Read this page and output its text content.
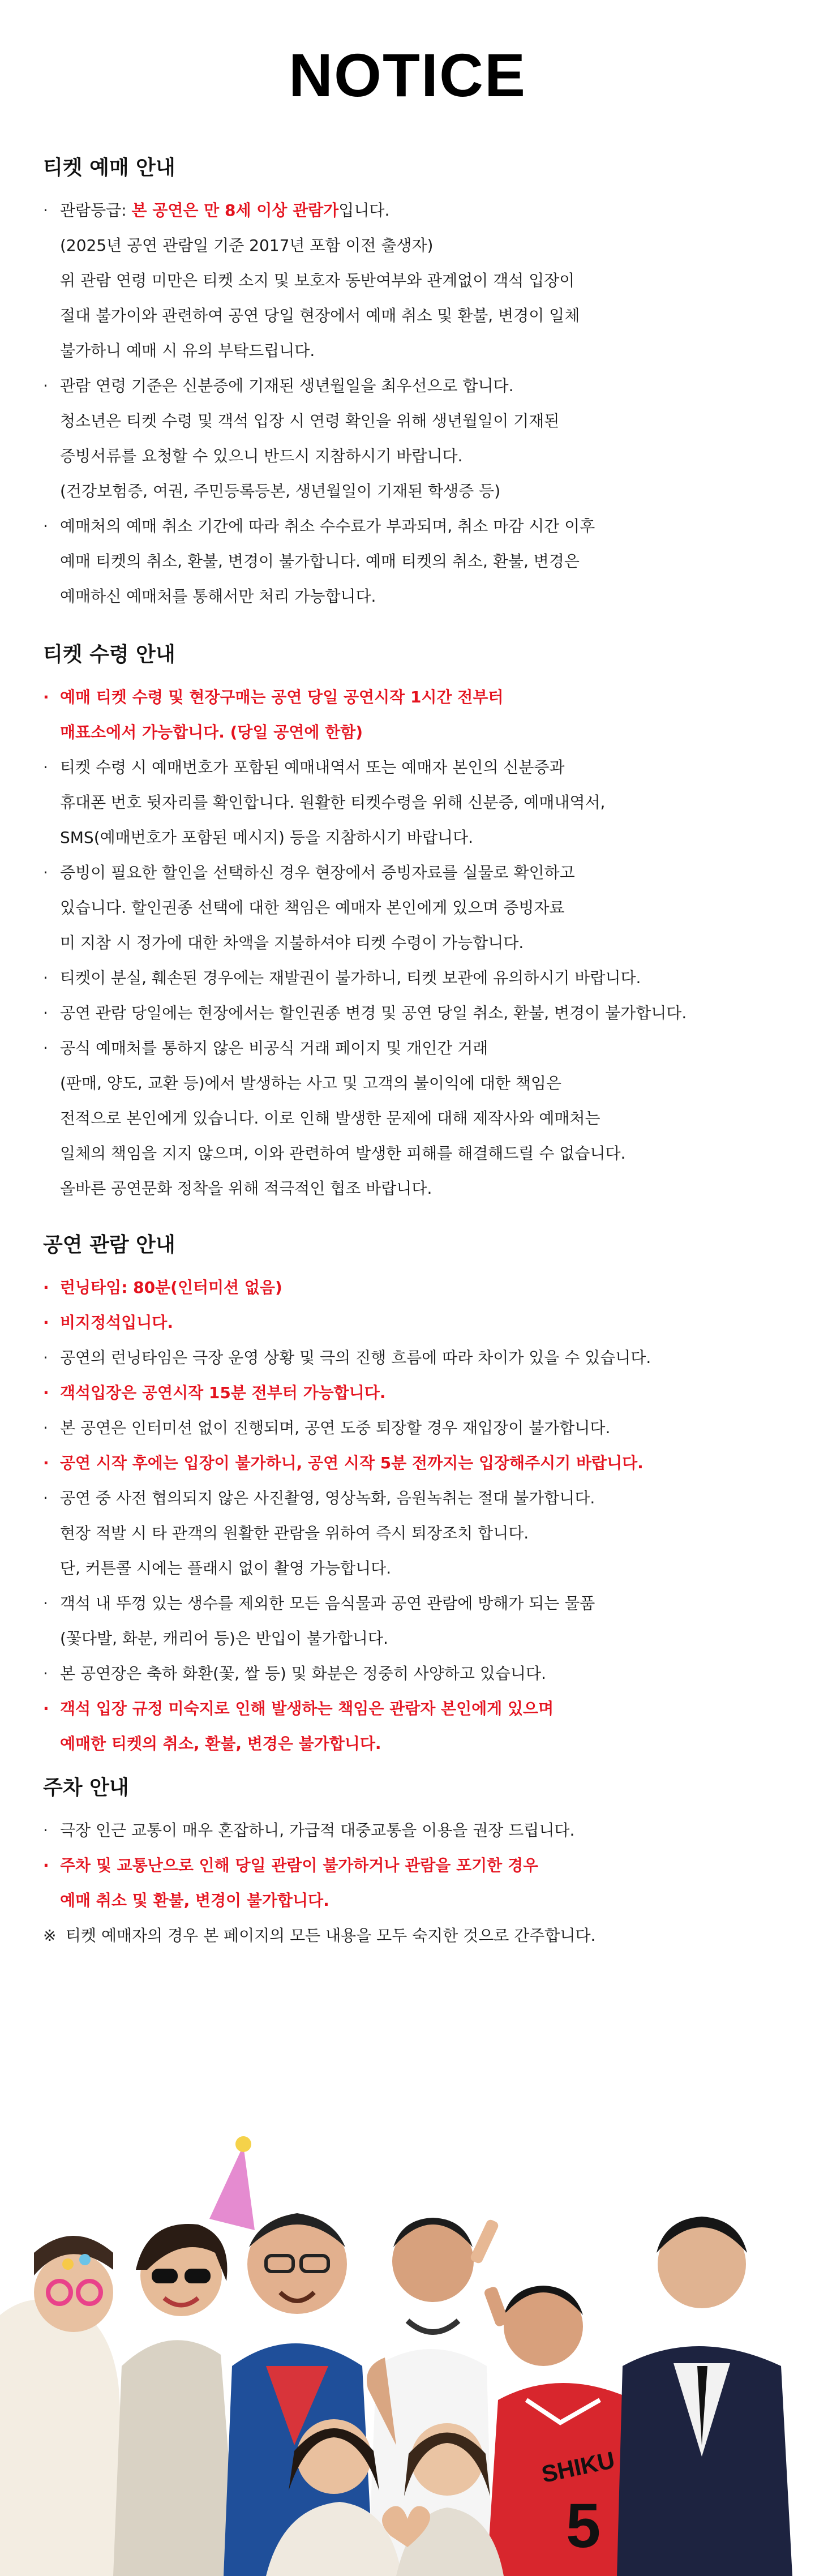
NOTICE
티켓 예매 안내
· 관람등급: 본 공연은 만 8세 이상 관람가입니다.
(2025년 공연 관람일 기준 2017년 포함 이전 출생자)
위 관람 연령 미만은 티켓 소지 및 보호자 동반여부와 관계없이 객석 입장이
절대 불가이와 관련하여 공연 당일 현장에서 예매 취소 및 환불, 변경이 일체
불가하니 예매 시 유의 부탁드립니다.
· 관람 연령 기준은 신분증에 기재된 생년월일을 최우선으로 합니다.
청소년은 티켓 수령 및 객석 입장 시 연령 확인을 위해 생년월일이 기재된
증빙서류를 요청할 수 있으니 반드시 지참하시기 바랍니다.
(건강보험증, 여권, 주민등록등본, 생년월일이 기재된 학생증 등)
· 예매처의 예매 취소 기간에 따라 취소 수수료가 부과되며, 취소 마감 시간 이후
예매 티켓의 취소, 환불, 변경이 불가합니다. 예매 티켓의 취소, 환불, 변경은
예매하신 예매처를 통해서만 처리 가능합니다.
티켓 수령 안내
· 예매 티켓 수령 및 현장구매는 공연 당일 공연시작 1시간 전부터
매표소에서 가능합니다. (당일 공연에 한함)
· 티켓 수령 시 예매번호가 포함된 예매내역서 또는 예매자 본인의 신분증과
휴대폰 번호 뒷자리를 확인합니다. 원활한 티켓수령을 위해 신분증, 예매내역서,
SMS(예매번호가 포함된 메시지) 등을 지참하시기 바랍니다.
· 증빙이 필요한 할인을 선택하신 경우 현장에서 증빙자료를 실물로 확인하고
있습니다. 할인권종 선택에 대한 책임은 예매자 본인에게 있으며 증빙자료
미 지참 시 정가에 대한 차액을 지불하셔야 티켓 수령이 가능합니다.
· 티켓이 분실, 훼손된 경우에는 재발권이 불가하니, 티켓 보관에 유의하시기 바랍니다.
· 공연 관람 당일에는 현장에서는 할인권종 변경 및 공연 당일 취소, 환불, 변경이 불가합니다.
· 공식 예매처를 통하지 않은 비공식 거래 페이지 및 개인간 거래
(판매, 양도, 교환 등)에서 발생하는 사고 및 고객의 불이익에 대한 책임은
전적으로 본인에게 있습니다. 이로 인해 발생한 문제에 대해 제작사와 예매처는
일체의 책임을 지지 않으며, 이와 관련하여 발생한 피해를 해결해드릴 수 없습니다.
올바른 공연문화 정착을 위해 적극적인 협조 바랍니다.
공연 관람 안내
· 런닝타임: 80분(인터미션 없음)
· 비지정석입니다.
· 공연의 런닝타임은 극장 운영 상황 및 극의 진행 흐름에 따라 차이가 있을 수 있습니다.
· 객석입장은 공연시작 15분 전부터 가능합니다.
· 본 공연은 인터미션 없이 진행되며, 공연 도중 퇴장할 경우 재입장이 불가합니다.
· 공연 시작 후에는 입장이 불가하니, 공연 시작 5분 전까지는 입장해주시기 바랍니다.
· 공연 중 사전 협의되지 않은 사진촬영, 영상녹화, 음원녹취는 절대 불가합니다.
현장 적발 시 타 관객의 원활한 관람을 위하여 즉시 퇴장조치 합니다.
단, 커튼콜 시에는 플래시 없이 촬영 가능합니다.
· 객석 내 뚜껑 있는 생수를 제외한 모든 음식물과 공연 관람에 방해가 되는 물품
(꽃다발, 화분, 캐리어 등)은 반입이 불가합니다.
· 본 공연장은 축하 화환(꽃, 쌀 등) 및 화분은 정중히 사양하고 있습니다.
· 객석 입장 규정 미숙지로 인해 발생하는 책임은 관람자 본인에게 있으며
예매한 티켓의 취소, 환불, 변경은 불가합니다.
주차 안내
· 극장 인근 교통이 매우 혼잡하니, 가급적 대중교통을 이용을 권장 드립니다.
· 주차 및 교통난으로 인해 당일 관람이 불가하거나 관람을 포기한 경우
예매 취소 및 환불, 변경이 불가합니다.
※ 티켓 예매자의 경우 본 페이지의 모든 내용을 모두 숙지한 것으로 간주합니다.
SHIKU
5
